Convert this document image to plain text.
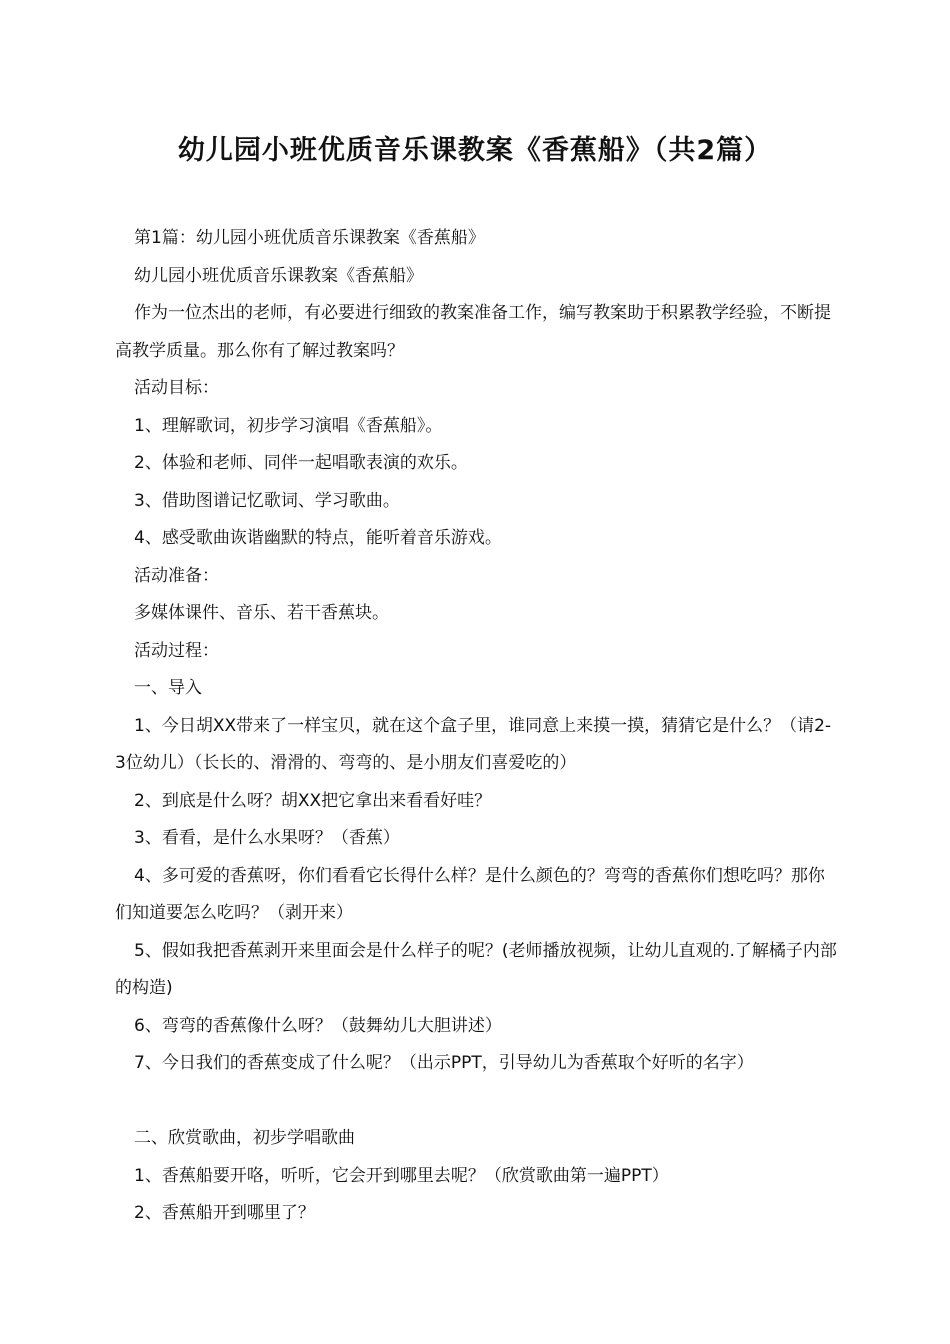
幼儿园小班优质音乐课教案《香蕉船》（共2篇）

第1篇：幼儿园小班优质音乐课教案《香蕉船》

幼儿园小班优质音乐课教案《香蕉船》

作为一位杰出的老师，有必要进行细致的教案准备工作，编写教案助于积累教学经验，不断提高教学质量。那么你有了解过教案吗？

活动目标：

1、理解歌词，初步学习演唱《香蕉船》。

2、体验和老师、同伴一起唱歌表演的欢乐。

3、借助图谱记忆歌词、学习歌曲。

4、感受歌曲诙谐幽默的特点，能听着音乐游戏。

活动准备：

多媒体课件、音乐、若干香蕉块。

活动过程：

一、导入

1、今日胡XX带来了一样宝贝，就在这个盒子里，谁同意上来摸一摸，猜猜它是什么？（请2-3位幼儿）（长长的、滑滑的、弯弯的、是小朋友们喜爱吃的）

2、到底是什么呀？胡XX把它拿出来看看好哇？

3、看看，是什么水果呀？（香蕉）

4、多可爱的香蕉呀，你们看看它长得什么样？是什么颜色的？弯弯的香蕉你们想吃吗？那你们知道要怎么吃吗？（剥开来）

5、假如我把香蕉剥开来里面会是什么样子的呢？(老师播放视频，让幼儿直观的.了解橘子内部的构造)

6、弯弯的香蕉像什么呀？（鼓舞幼儿大胆讲述）

7、今日我们的香蕉变成了什么呢？（出示PPT，引导幼儿为香蕉取个好听的名字）

二、欣赏歌曲，初步学唱歌曲

1、香蕉船要开咯，听听，它会开到哪里去呢？（欣赏歌曲第一遍PPT）

2、香蕉船开到哪里了？
